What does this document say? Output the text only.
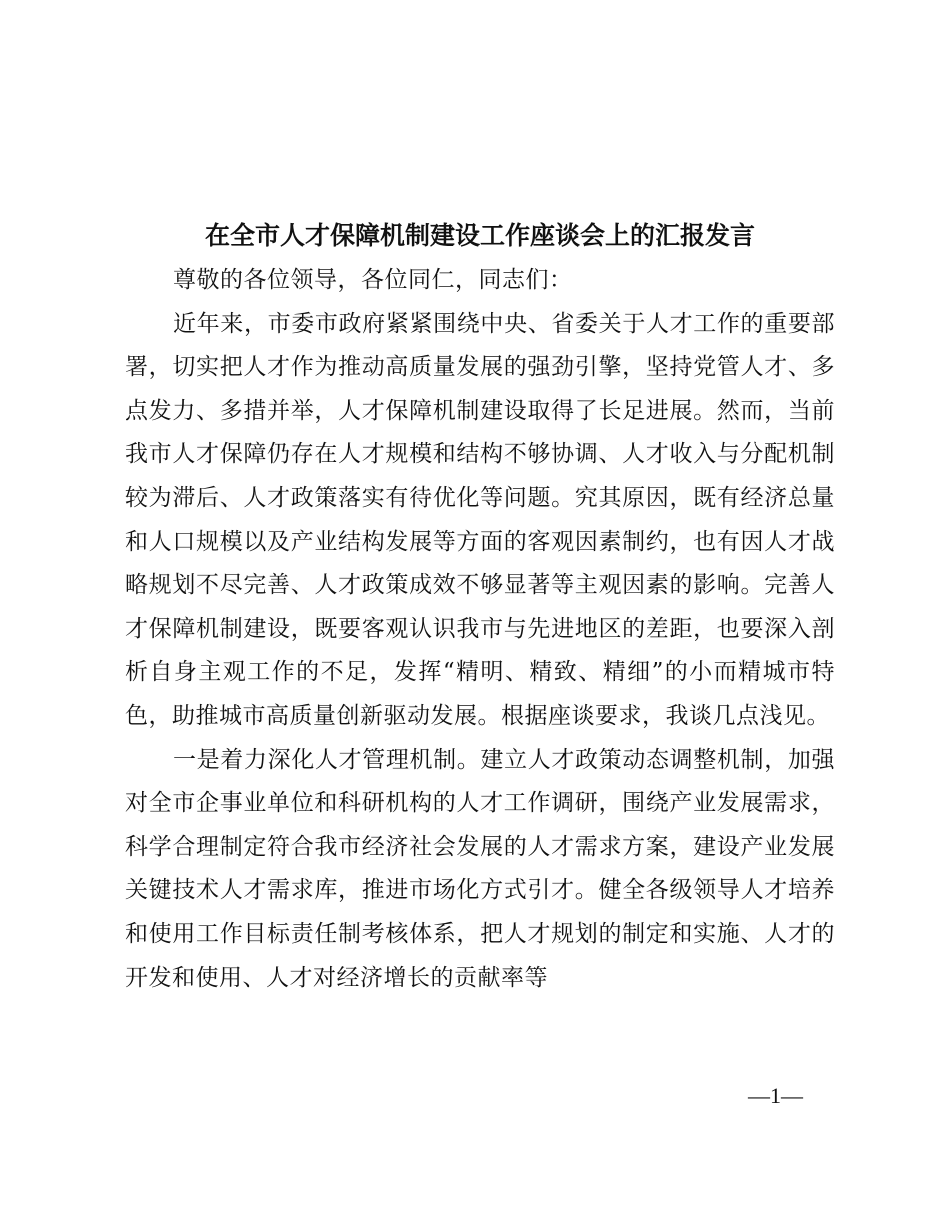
在全市人才保障机制建设工作座谈会上的汇报发言

尊敬的各位领导，各位同仁，同志们：

近年来，市委市政府紧紧围绕中央、省委关于人才工作的重要部署，切实把人才作为推动高质量发展的强劲引擎，坚持党管人才、多点发力、多措并举，人才保障机制建设取得了长足进展。然而，当前我市人才保障仍存在人才规模和结构不够协调、人才收入与分配机制较为滞后、人才政策落实有待优化等问题。究其原因，既有经济总量和人口规模以及产业结构发展等方面的客观因素制约，也有因人才战略规划不尽完善、人才政策成效不够显著等主观因素的影响。完善人才保障机制建设，既要客观认识我市与先进地区的差距，也要深入剖析自身主观工作的不足，发挥“精明、精致、精细”的小而精城市特色，助推城市高质量创新驱动发展。根据座谈要求，我谈几点浅见。

一是着力深化人才管理机制。建立人才政策动态调整机制，加强对全市企事业单位和科研机构的人才工作调研，围绕产业发展需求，科学合理制定符合我市经济社会发展的人才需求方案，建设产业发展关键技术人才需求库，推进市场化方式引才。健全各级领导人才培养和使用工作目标责任制考核体系，把人才规划的制定和实施、人才的开发和使用、人才对经济增长的贡献率等

—1—
